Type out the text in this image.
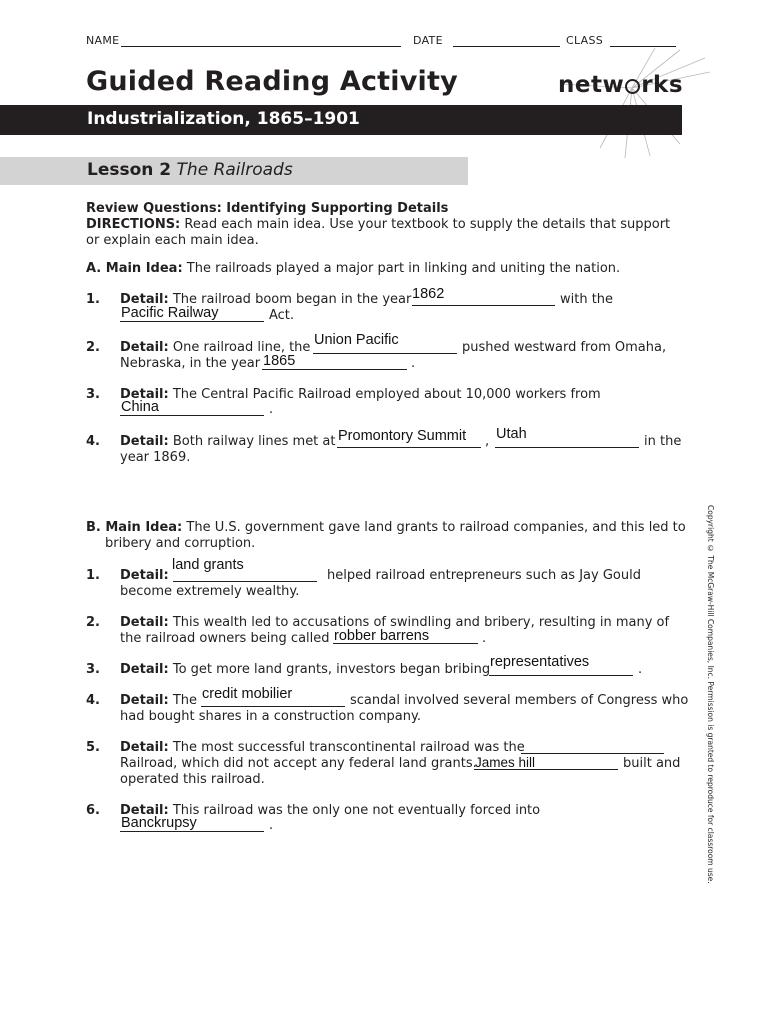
NAME	DATE	CLASS
Guided Reading Activity	netw rks
Industrialization, 1865–1901
Lesson 2 The Railroads
Review Questions: Identifying Supporting Details
DIRECTIONS: Read each main idea. Use your textbook to supply the details that support
or explain each main idea.
A. Main Idea: The railroads played a major part in linking and uniting the nation.
1. Detail: The railroad boom began in the year 1862	with the
Pacific Railway	Act.
2. Detail: One railroad line, the Union Pacific	pushed westward from Omaha,
Nebraska, in the year 1865	.
3. Detail: The Central Pacific Railroad employed about 10,000 workers from
China	.
4. Detail: Both railway lines met at Promontory Summit , Utah	in the
year 1869.
B. Main Idea: The U.S. government gave land grants to railroad companies, and this led to
bribery and corruption.
1. Detail:
land grants
helped railroad entrepreneurs such as Jay Gould
become extremely wealthy.
2. Detail: This wealth led to accusations of swindling and bribery, resulting in many of
the railroad owners being called robber barrens	.
3. Detail: To get more land grants, investors began bribing representatives	.
4. Detail: The credit mobilier	scandal involved several members of Congress who
had bought shares in a construction company.
5. Detail: The most successful transcontinental railroad was the
Railroad, which did not accept any federal land grants.
James hill	built and
operated this railroad.
6. Detail: This railroad was the only one not eventually forced into
Banckrupsy	.	Copyright © The McGraw-Hill Companies, Inc. Permission is granted to reproduce for classroom use.
